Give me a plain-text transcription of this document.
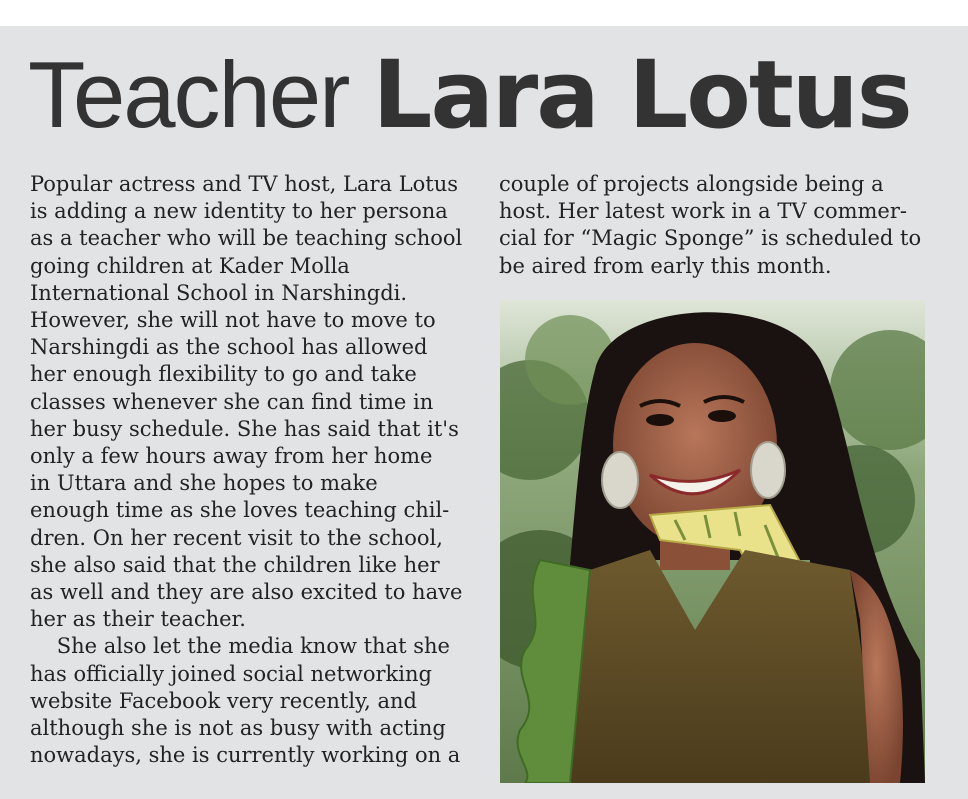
Teacher Lara Lotus
Popular actress and TV host, Lara Lotus
is adding a new identity to her persona
as a teacher who will be teaching school
going children at Kader Molla
International School in Narshingdi.
However, she will not have to move to
Narshingdi as the school has allowed
her enough flexibility to go and take
classes whenever she can find time in
her busy schedule. She has said that it's
only a few hours away from her home
in Uttara and she hopes to make
enough time as she loves teaching chil-
dren. On her recent visit to the school,
she also said that the children like her
as well and they are also excited to have
her as their teacher.
She also let the media know that she
has officially joined social networking
website Facebook very recently, and
although she is not as busy with acting
nowadays, she is currently working on a
couple of projects alongside being a
host. Her latest work in a TV commer-
cial for “Magic Sponge” is scheduled to
be aired from early this month.
